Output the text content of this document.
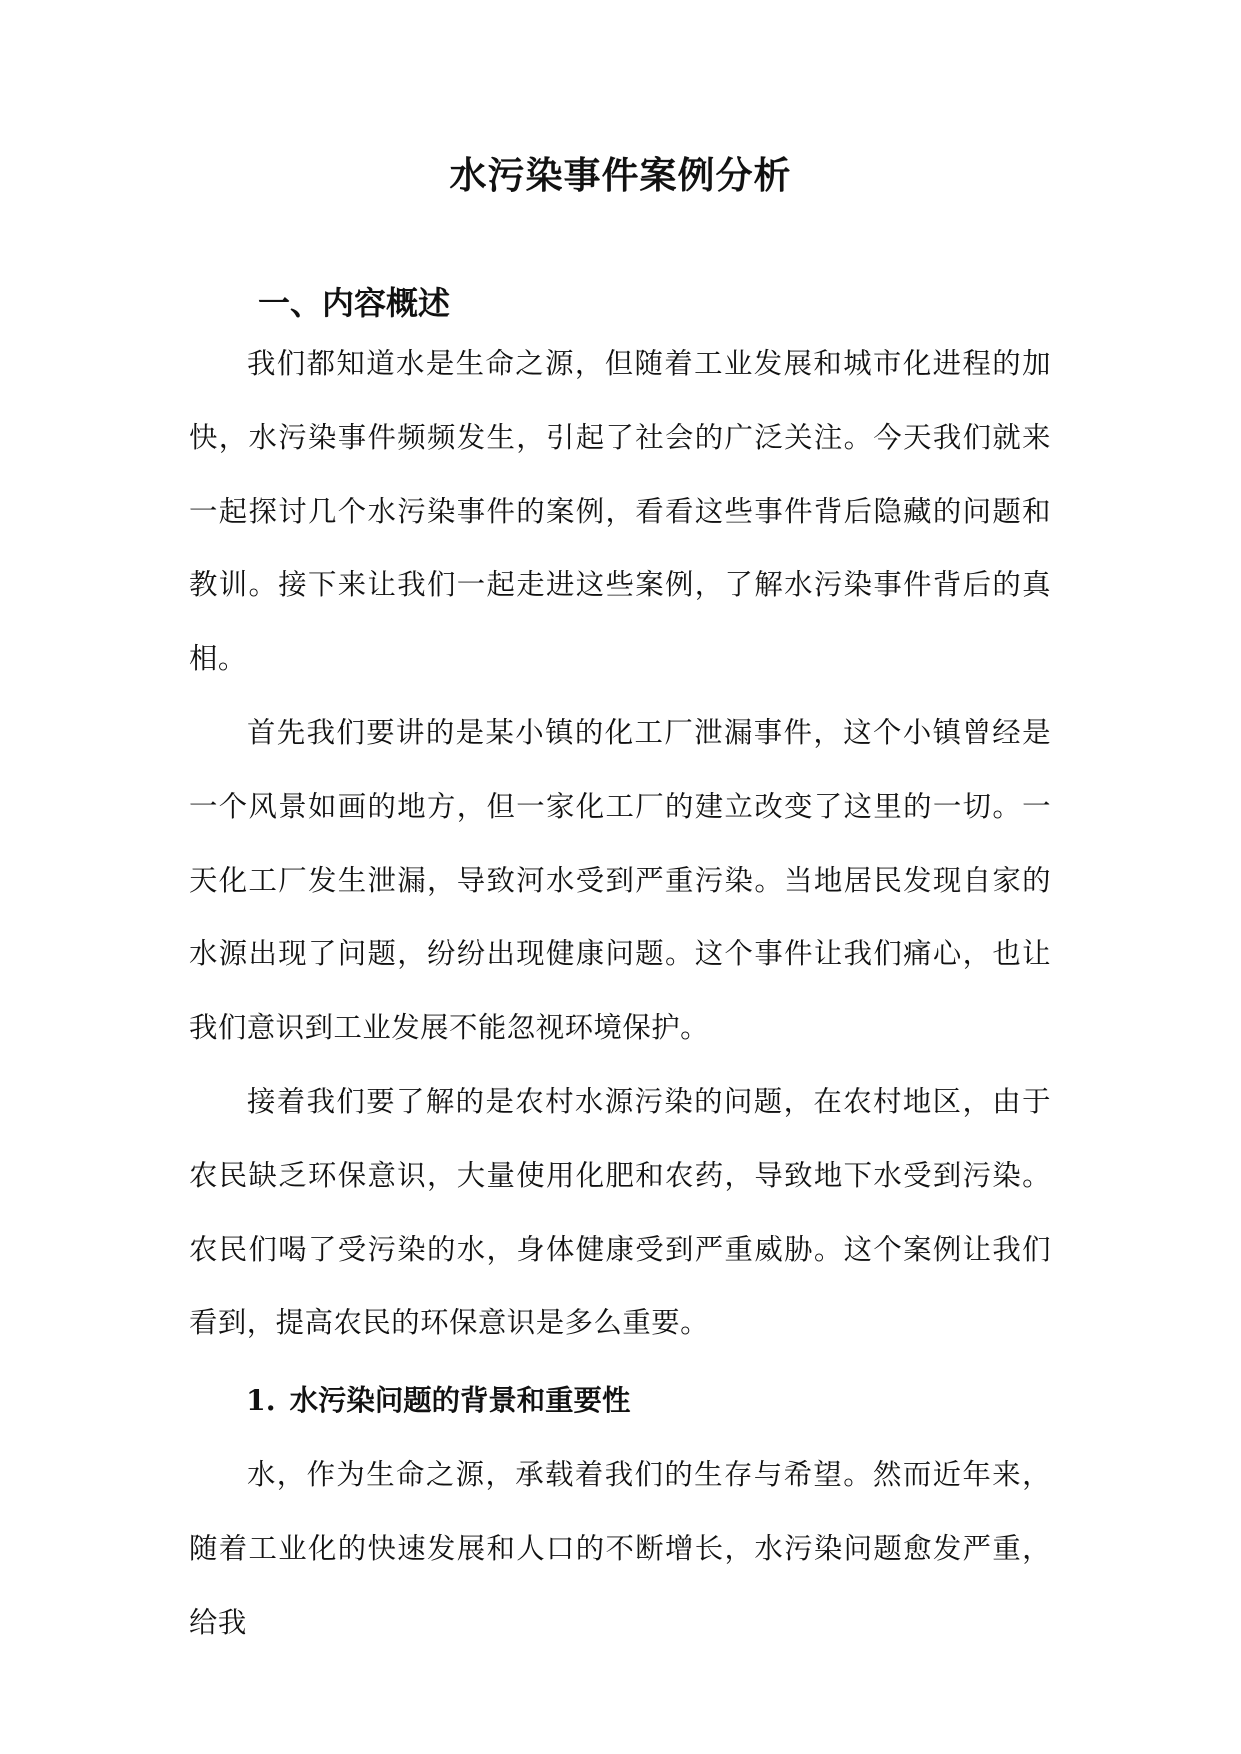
水污染事件案例分析
一、内容概述

我们都知道水是生命之源，但随着工业发展和城市化进程的加快，水污染事件频频发生，引起了社会的广泛关注。今天我们就来一起探讨几个水污染事件的案例，看看这些事件背后隐藏的问题和教训。接下来让我们一起走进这些案例，了解水污染事件背后的真相。

首先我们要讲的是某小镇的化工厂泄漏事件，这个小镇曾经是一个风景如画的地方，但一家化工厂的建立改变了这里的一切。一天化工厂发生泄漏，导致河水受到严重污染。当地居民发现自家的水源出现了问题，纷纷出现健康问题。这个事件让我们痛心，也让我们意识到工业发展不能忽视环境保护。

接着我们要了解的是农村水源污染的问题，在农村地区，由于农民缺乏环保意识，大量使用化肥和农药，导致地下水受到污染。农民们喝了受污染的水，身体健康受到严重威胁。这个案例让我们看到，提高农民的环保意识是多么重要。

1. 水污染问题的背景和重要性

水，作为生命之源，承载着我们的生存与希望。然而近年来，随着工业化的快速发展和人口的不断增长，水污染问题愈发严重，给我
